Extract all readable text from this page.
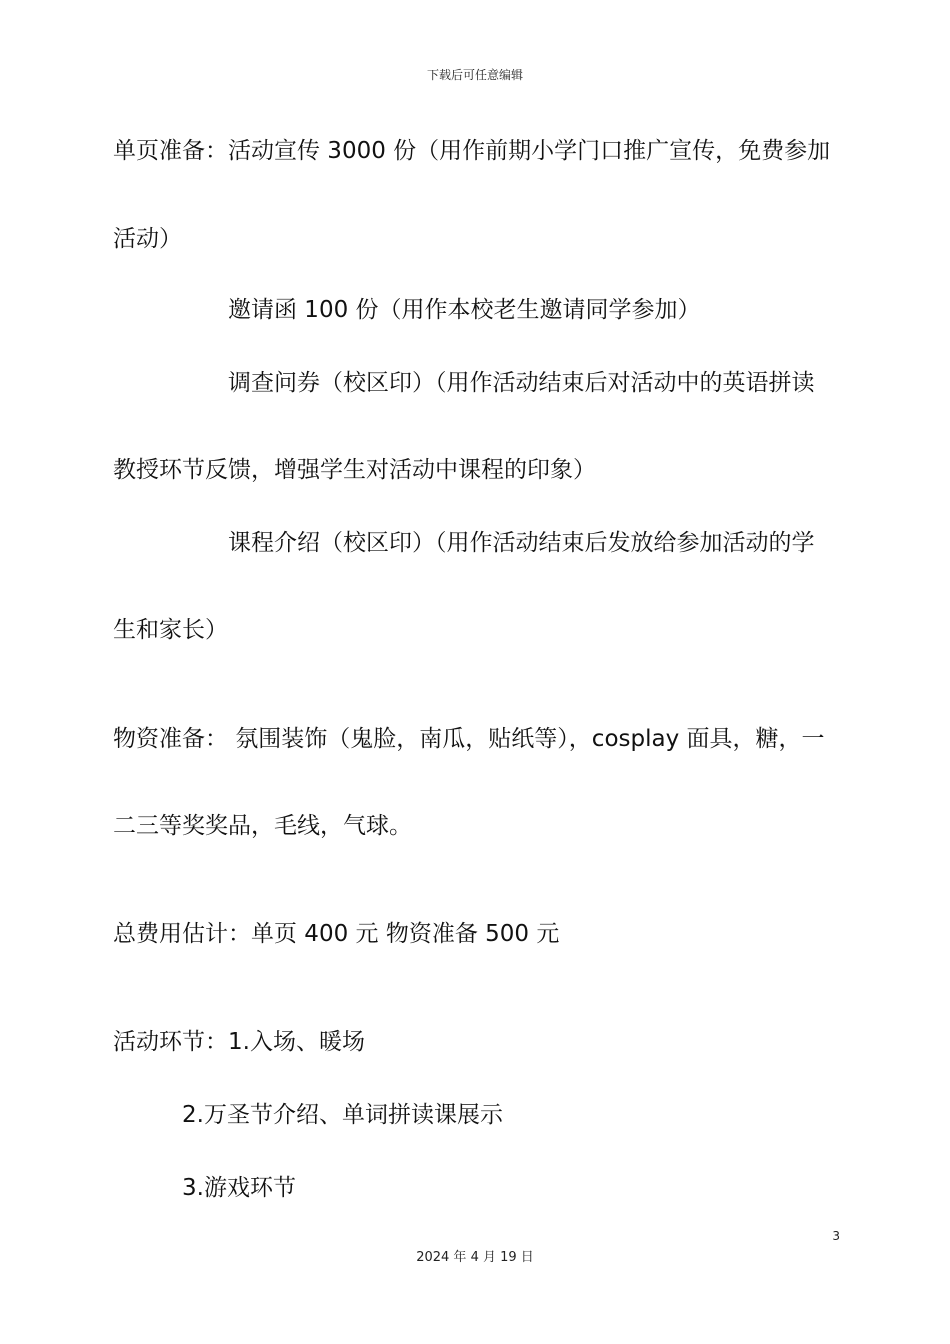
下载后可任意编辑
单页准备：活动宣传 3000 份（用作前期小学门口推广宣传，免费参加
活动）
邀请函 100 份（用作本校老生邀请同学参加）
调查问券（校区印）（用作活动结束后对活动中的英语拼读
教授环节反馈，增强学生对活动中课程的印象）
课程介绍（校区印）（用作活动结束后发放给参加活动的学
生和家长）
物资准备： 氛围装饰（鬼脸，南瓜，贴纸等），cosplay 面具，糖，一
二三等奖奖品，毛线，气球。
总费用估计：单页 400 元 物资准备 500 元
活动环节：1.入场、暖场
2.万圣节介绍、单词拼读课展示
3.游戏环节
3
2024 年 4 月 19 日
